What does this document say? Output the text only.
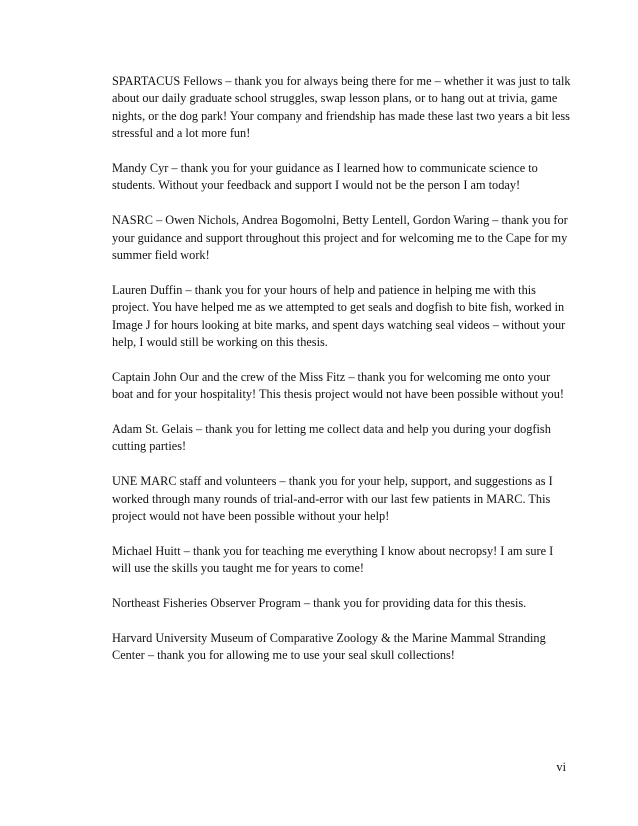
SPARTACUS Fellows – thank you for always being there for me – whether it was just to talk about our daily graduate school struggles, swap lesson plans, or to hang out at trivia, game nights, or the dog park! Your company and friendship has made these last two years a bit less stressful and a lot more fun!

Mandy Cyr – thank you for your guidance as I learned how to communicate science to students. Without your feedback and support I would not be the person I am today!

NASRC – Owen Nichols, Andrea Bogomolni, Betty Lentell, Gordon Waring – thank you for your guidance and support throughout this project and for welcoming me to the Cape for my summer field work!

Lauren Duffin – thank you for your hours of help and patience in helping me with this project. You have helped me as we attempted to get seals and dogfish to bite fish, worked in Image J for hours looking at bite marks, and spent days watching seal videos – without your help, I would still be working on this thesis.

Captain John Our and the crew of the Miss Fitz – thank you for welcoming me onto your boat and for your hospitality! This thesis project would not have been possible without you!

Adam St. Gelais – thank you for letting me collect data and help you during your dogfish cutting parties!

UNE MARC staff and volunteers – thank you for your help, support, and suggestions as I worked through many rounds of trial-and-error with our last few patients in MARC. This project would not have been possible without your help!

Michael Huitt – thank you for teaching me everything I know about necropsy! I am sure I will use the skills you taught me for years to come!

Northeast Fisheries Observer Program – thank you for providing data for this thesis.

Harvard University Museum of Comparative Zoology & the Marine Mammal Stranding Center – thank you for allowing me to use your seal skull collections!

vi
